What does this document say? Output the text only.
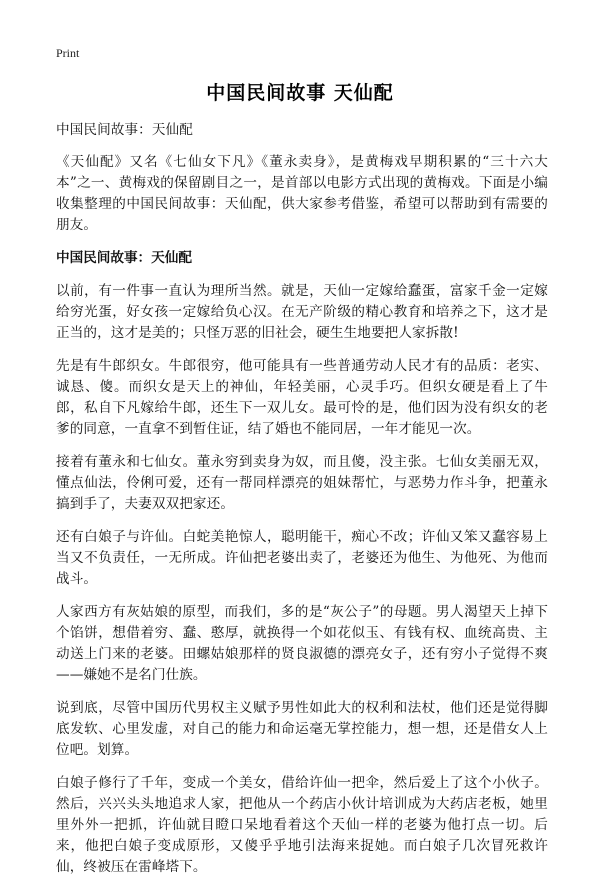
Print
中国民间故事 天仙配

中国民间故事：天仙配

《天仙配》又名《七仙女下凡》《董永卖身》，是黄梅戏早期积累的“三十六大本”之一、黄梅戏的保留剧目之一，是首部以电影方式出现的黄梅戏。下面是小编收集整理的中国民间故事：天仙配，供大家参考借鉴，希望可以帮助到有需要的朋友。

中国民间故事：天仙配

以前，有一件事一直认为理所当然。就是，天仙一定嫁给蠢蛋，富家千金一定嫁给穷光蛋，好女孩一定嫁给负心汉。在无产阶级的精心教育和培养之下，这才是正当的，这才是美的；只怪万恶的旧社会，硬生生地要把人家拆散!

先是有牛郎织女。牛郎很穷，他可能具有一些普通劳动人民才有的品质：老实、诚恳、傻。而织女是天上的神仙，年轻美丽，心灵手巧。但织女硬是看上了牛郎，私自下凡嫁给牛郎，还生下一双儿女。最可怜的是，他们因为没有织女的老爹的同意，一直拿不到暂住证，结了婚也不能同居，一年才能见一次。

接着有董永和七仙女。董永穷到卖身为奴，而且傻，没主张。七仙女美丽无双，懂点仙法，伶俐可爱，还有一帮同样漂亮的姐妹帮忙，与恶势力作斗争，把董永搞到手了，夫妻双双把家还。

还有白娘子与许仙。白蛇美艳惊人，聪明能干，痴心不改；许仙又笨又蠢容易上当又不负责任，一无所成。许仙把老婆出卖了，老婆还为他生、为他死、为他而战斗。

人家西方有灰姑娘的原型，而我们，多的是“灰公子”的母题。男人渴望天上掉下个馅饼，想借着穷、蠢、憨厚，就换得一个如花似玉、有钱有权、血统高贵、主动送上门来的老婆。田螺姑娘那样的贤良淑德的漂亮女子，还有穷小子觉得不爽——嫌她不是名门仕族。

说到底，尽管中国历代男权主义赋予男性如此大的权利和法杖，他们还是觉得脚底发软、心里发虚，对自己的能力和命运毫无掌控能力，想一想，还是借女人上位吧。划算。

白娘子修行了千年，变成一个美女，借给许仙一把伞，然后爱上了这个小伙子。然后，兴兴头头地追求人家，把他从一个药店小伙计培训成为大药店老板，她里里外外一把抓，许仙就目瞪口呆地看着这个天仙一样的老婆为他打点一切。后来，他把白娘子变成原形，又傻乎乎地引法海来捉她。而白娘子几次冒死救许仙，终被压在雷峰塔下。
